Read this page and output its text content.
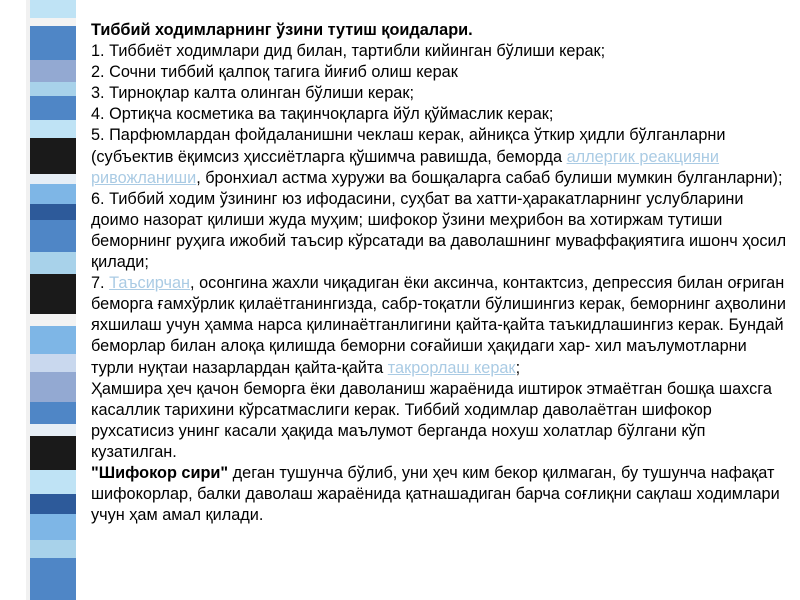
Тиббий ходимларнинг ўзини тутиш қоидалари.

1. Тиббиёт ходимлари дид билан, тартибли кийинган бўлиши керак;

2. Сочни тиббий қалпоқ тагига йиғиб олиш керак

3. Тирноқлар калта олинган бўлиши керак;

4. Ортиқча косметика ва тақинчоқларга йўл қўймаслик керак;

5. Парфюмлардан фойдаланишни чеклаш керак, айниқса ўткир ҳидли бўлганларни (субъектив ёқимсиз ҳиссиётларга қўшимча равишда, беморда аллергик реакцияни ривожланиши, бронхиал астма хуружи ва бошқаларга сабаб булиши мумкин булганларни);

6. Тиббий ходим ўзининг юз ифодасини, суҳбат ва хатти-ҳаракатларнинг услубларини доимо назорат қилиши жуда муҳим; шифокор ўзини меҳрибон ва хотиржам тутиши беморнинг руҳига ижобий таъсир кўрсатади ва даволашнинг муваффақиятига ишонч ҳосил қилади;

7. Таъсирчан, осонгина жахли чиқадиган ёки аксинча, контактсиз, депрессия билан оғриган беморга ғамхўрлик қилаётганингизда, сабр-тоқатли бўлишингиз керак, беморнинг аҳволини яхшилаш учун ҳамма нарса қилинаётганлигини қайта-қайта таъкидлашингиз керак. Бундай беморлар билан алоқа қилишда беморни соғайиши ҳақидаги хар- хил маълумотларни турли нуқтаи назарлардан қайта-қайта такрорлаш керак;

Ҳамшира ҳеч қачон беморга ёки даволаниш жараёнида иштирок этмаётган бошқа шахсга касаллик тарихини кўрсатмаслиги керак. Тиббий ходимлар даволаётган шифокор рухсатисиз унинг касали ҳақида маълумот берганда нохуш холатлар бўлгани кўп кузатилган.

"Шифокор сири" деган тушунча бўлиб, уни ҳеч ким бекор қилмаган, бу тушунча нафақат шифокорлар, балки даволаш жараёнида қатнашадиган барча соғлиқни сақлаш ходимлари учун ҳам амал қилади.
